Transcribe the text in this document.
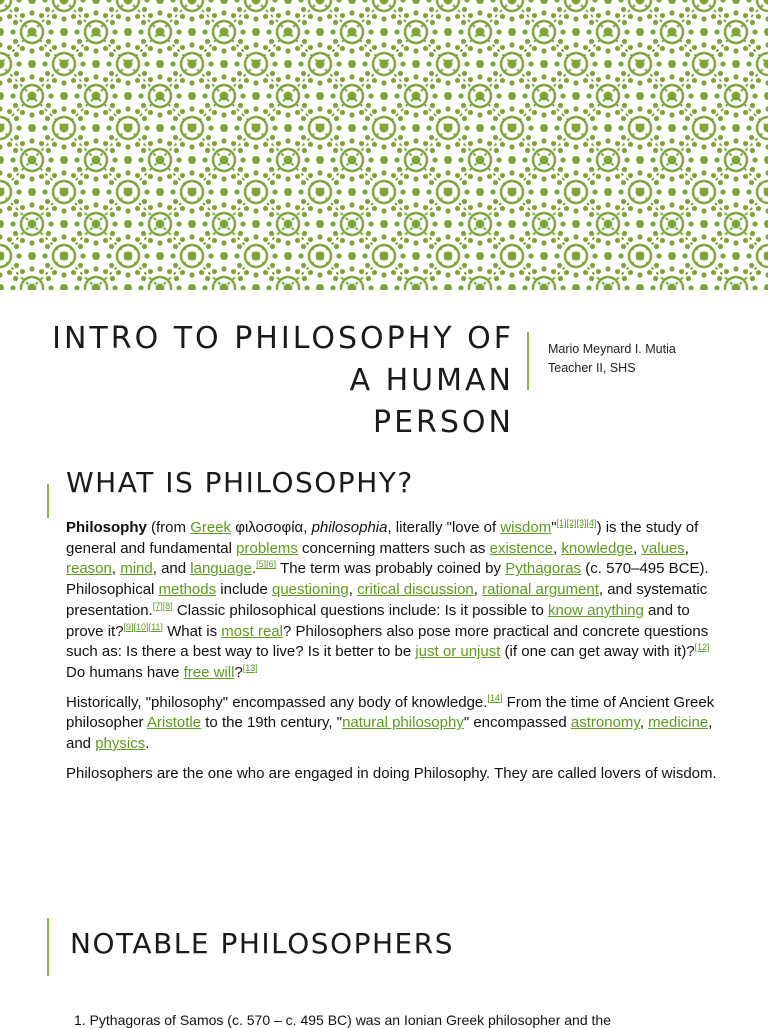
INTRO TO PHILOSOPHY OF A HUMAN
PERSON
Mario Meynard I. Mutia
Teacher II, SHS
WHAT IS PHILOSOPHY?

Philosophy (from Greek φιλοσοφία, philosophia, literally "love of wisdom"[1][2][3][4]) is the study of general and fundamental problems concerning matters such as existence, knowledge, values, reason, mind, and language.[5][6] The term was probably coined by Pythagoras (c. 570–495 BCE). Philosophical methods include questioning, critical discussion, rational argument, and systematic presentation.[7][8] Classic philosophical questions include: Is it possible to know anything and to prove it?[9][10][11] What is most real? Philosophers also pose more practical and concrete questions such as: Is there a best way to live? Is it better to be just or unjust (if one can get away with it)?[12] Do humans have free will?[13]

Historically, "philosophy" encompassed any body of knowledge.[14] From the time of Ancient Greek philosopher Aristotle to the 19th century, "natural philosophy" encompassed astronomy, medicine, and physics.

Philosophers are the one who are engaged in doing Philosophy. They are called lovers of wisdom.

NOTABLE PHILOSOPHERS
1. Pythagoras of Samos (c. 570 – c. 495 BC) was an Ionian Greek philosopher and the
